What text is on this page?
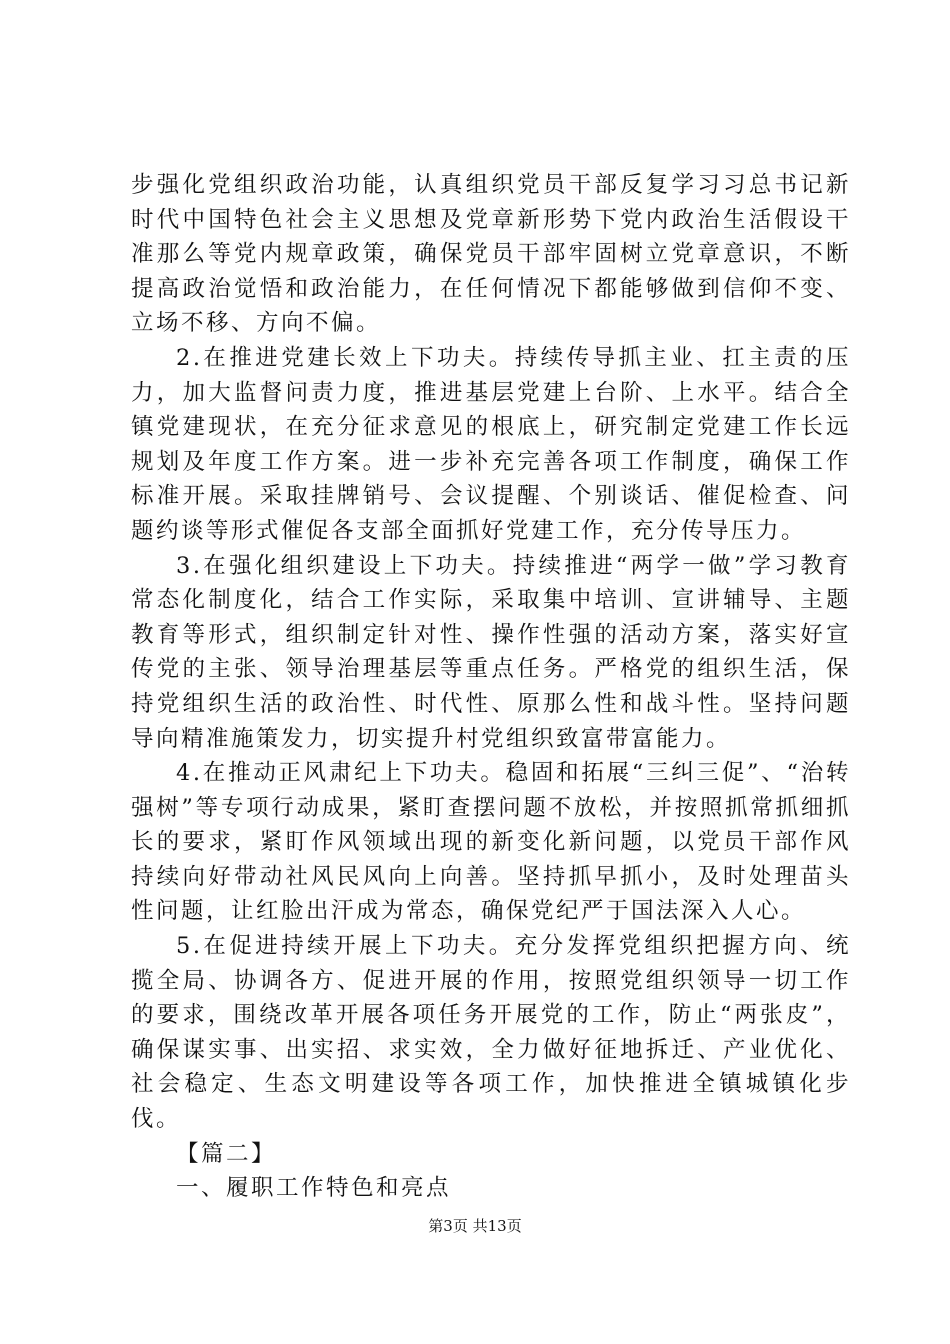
步强化党组织政治功能，认真组织党员干部反复学习习总书记新时代中国特色社会主义思想及党章新形势下党内政治生活假设干准那么等党内规章政策，确保党员干部牢固树立党章意识，不断提高政治觉悟和政治能力，在任何情况下都能够做到信仰不变、立场不移、方向不偏。

2.在推进党建长效上下功夫。持续传导抓主业、扛主责的压力，加大监督问责力度，推进基层党建上台阶、上水平。结合全镇党建现状，在充分征求意见的根底上，研究制定党建工作长远规划及年度工作方案。进一步补充完善各项工作制度，确保工作标准开展。采取挂牌销号、会议提醒、个别谈话、催促检查、问题约谈等形式催促各支部全面抓好党建工作，充分传导压力。

3.在强化组织建设上下功夫。持续推进“两学一做”学习教育常态化制度化，结合工作实际，采取集中培训、宣讲辅导、主题教育等形式，组织制定针对性、操作性强的活动方案，落实好宣传党的主张、领导治理基层等重点任务。严格党的组织生活，保持党组织生活的政治性、时代性、原那么性和战斗性。坚持问题导向精准施策发力，切实提升村党组织致富带富能力。

4.在推动正风肃纪上下功夫。稳固和拓展“三纠三促”、“治转强树”等专项行动成果，紧盯查摆问题不放松，并按照抓常抓细抓长的要求，紧盯作风领域出现的新变化新问题，以党员干部作风持续向好带动社风民风向上向善。坚持抓早抓小，及时处理苗头性问题，让红脸出汗成为常态，确保党纪严于国法深入人心。

5.在促进持续开展上下功夫。充分发挥党组织把握方向、统揽全局、协调各方、促进开展的作用，按照党组织领导一切工作的要求，围绕改革开展各项任务开展党的工作，防止“两张皮”，确保谋实事、出实招、求实效，全力做好征地拆迁、产业优化、社会稳定、生态文明建设等各项工作，加快推进全镇城镇化步伐。

【篇二】

一、履职工作特色和亮点

第3页 共13页
